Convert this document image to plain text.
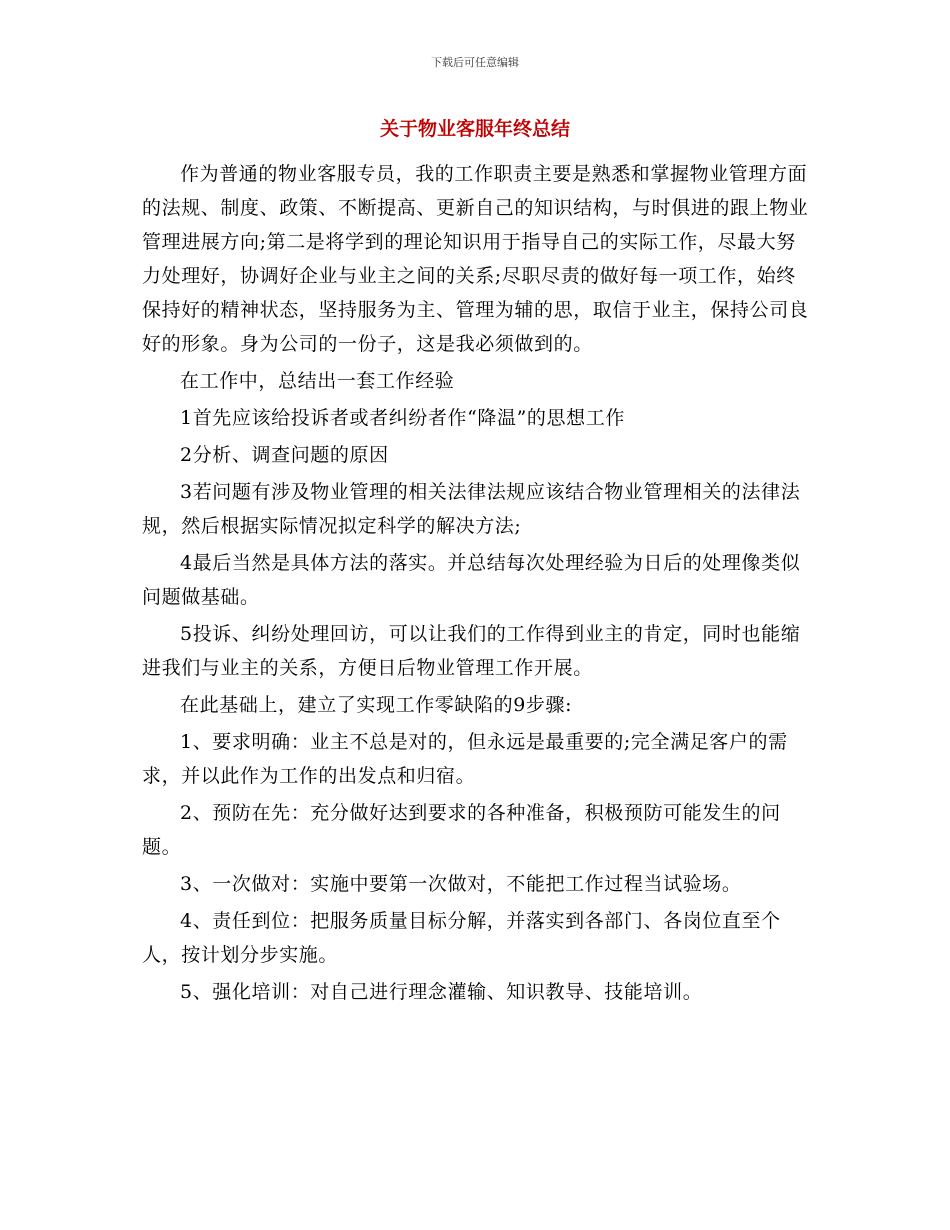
下载后可任意编辑
关于物业客服年终总结

作为普通的物业客服专员，我的工作职责主要是熟悉和掌握物业管理方面的法规、制度、政策、不断提高、更新自己的知识结构，与时俱进的跟上物业管理进展方向;第二是将学到的理论知识用于指导自己的实际工作，尽最大努力处理好，协调好企业与业主之间的关系;尽职尽责的做好每一项工作，始终保持好的精神状态，坚持服务为主、管理为辅的思，取信于业主，保持公司良好的形象。身为公司的一份子，这是我必须做到的。

在工作中，总结出一套工作经验

1首先应该给投诉者或者纠纷者作“降温”的思想工作

2分析、调查问题的原因

3若问题有涉及物业管理的相关法律法规应该结合物业管理相关的法律法规，然后根据实际情况拟定科学的解决方法;

4最后当然是具体方法的落实。并总结每次处理经验为日后的处理像类似问题做基础。

5投诉、纠纷处理回访，可以让我们的工作得到业主的肯定，同时也能缩进我们与业主的关系，方便日后物业管理工作开展。

在此基础上，建立了实现工作零缺陷的9步骤:

1、要求明确：业主不总是对的，但永远是最重要的;完全满足客户的需求，并以此作为工作的出发点和归宿。

2、预防在先：充分做好达到要求的各种准备，积极预防可能发生的问题。

3、一次做对：实施中要第一次做对，不能把工作过程当试验场。

4、责任到位：把服务质量目标分解，并落实到各部门、各岗位直至个人，按计划分步实施。

5、强化培训：对自己进行理念灌输、知识教导、技能培训。
